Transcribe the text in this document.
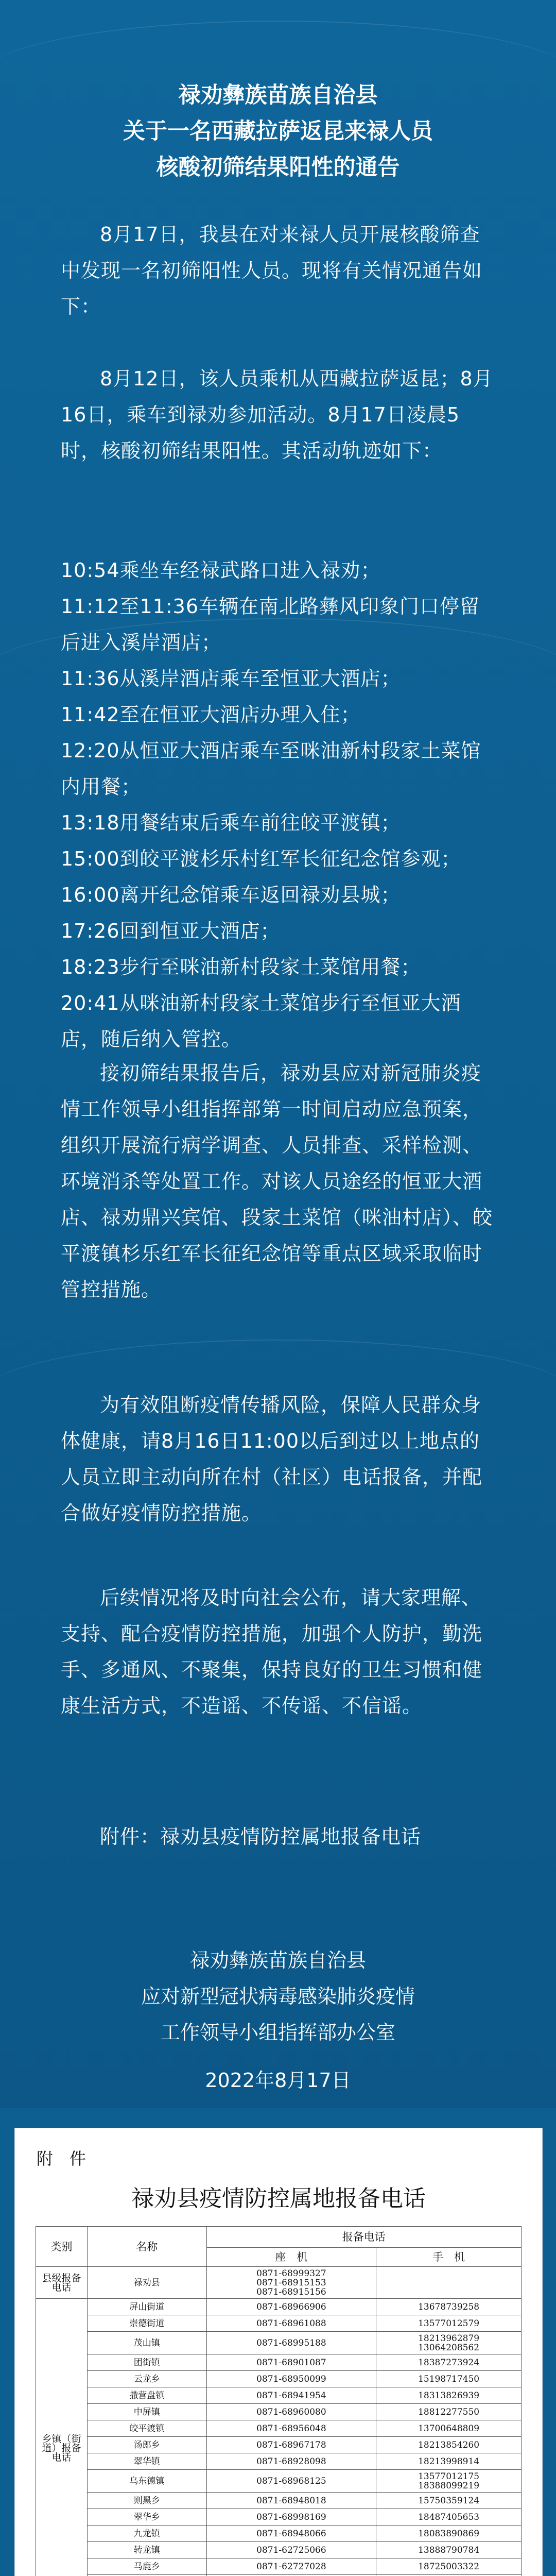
禄劝彝族苗族自治县
关于一名西藏拉萨返昆来禄人员
核酸初筛结果阳性的通告

8月17日，我县在对来禄人员开展核酸筛查中发现一名初筛阳性人员。现将有关情况通告如下：

8月12日，该人员乘机从西藏拉萨返昆；8月16日，乘车到禄劝参加活动。8月17日凌晨5时，核酸初筛结果阳性。其活动轨迹如下：

10:54乘坐车经禄武路口进入禄劝；

11:12至11:36车辆在南北路彝风印象门口停留后进入溪岸酒店；

11:36从溪岸酒店乘车至恒亚大酒店；

11:42至在恒亚大酒店办理入住；

12:20从恒亚大酒店乘车至咪油新村段家土菜馆内用餐；

13:18用餐结束后乘车前往皎平渡镇；

15:00到皎平渡杉乐村红军长征纪念馆参观；

16:00离开纪念馆乘车返回禄劝县城；

17:26回到恒亚大酒店；

18:23步行至咪油新村段家土菜馆用餐；

20:41从咪油新村段家土菜馆步行至恒亚大酒店，随后纳入管控。

接初筛结果报告后，禄劝县应对新冠肺炎疫情工作领导小组指挥部第一时间启动应急预案，组织开展流行病学调查、人员排查、采样检测、环境消杀等处置工作。对该人员途经的恒亚大酒店、禄劝鼎兴宾馆、段家土菜馆（咪油村店）、皎平渡镇杉乐红军长征纪念馆等重点区域采取临时管控措施。

为有效阻断疫情传播风险，保障人民群众身体健康，请8月16日11:00以后到过以上地点的人员立即主动向所在村（社区）电话报备，并配合做好疫情防控措施。

后续情况将及时向社会公布，请大家理解、支持、配合疫情防控措施，加强个人防护，勤洗手、多通风、不聚集，保持良好的卫生习惯和健康生活方式，不造谣、不传谣、不信谣。

附件：禄劝县疫情防控属地报备电话

禄劝彝族苗族自治县
应对新型冠状病毒感染肺炎疫情
工作领导小组指挥部办公室
2022年8月17日
附　件
禄劝县疫情防控属地报备电话
类别	名称	报备电话	
		座　机	手　机
县级报备电话	禄劝县	0871-68999327
0871-68915153
0871-68915156	
乡镇（街道）报备电话	屏山街道	0871-68966906	13678739258
	崇德街道	0871-68961088	13577012579
	茂山镇	0871-68995188	18213962879
13064208562
	团街镇	0871-68901087	18387273924
	云龙乡	0871-68950099	15198717450
	撒营盘镇	0871-68941954	18313826939
	中屏镇	0871-68960080	18812277550
	皎平渡镇	0871-68956048	13700648809
	汤郎乡	0871-68967178	18213854260
	翠华镇	0871-68928098	18213998914
	乌东德镇	0871-68968125	13577012175
18388099219
	则黑乡	0871-68948018	15750359124
	翠华乡	0871-68998169	18487405653
	九龙镇	0871-68948066	18083890869
	转龙镇	0871-62725066	13888790784
	马鹿乡	0871-62727028	18725003322
